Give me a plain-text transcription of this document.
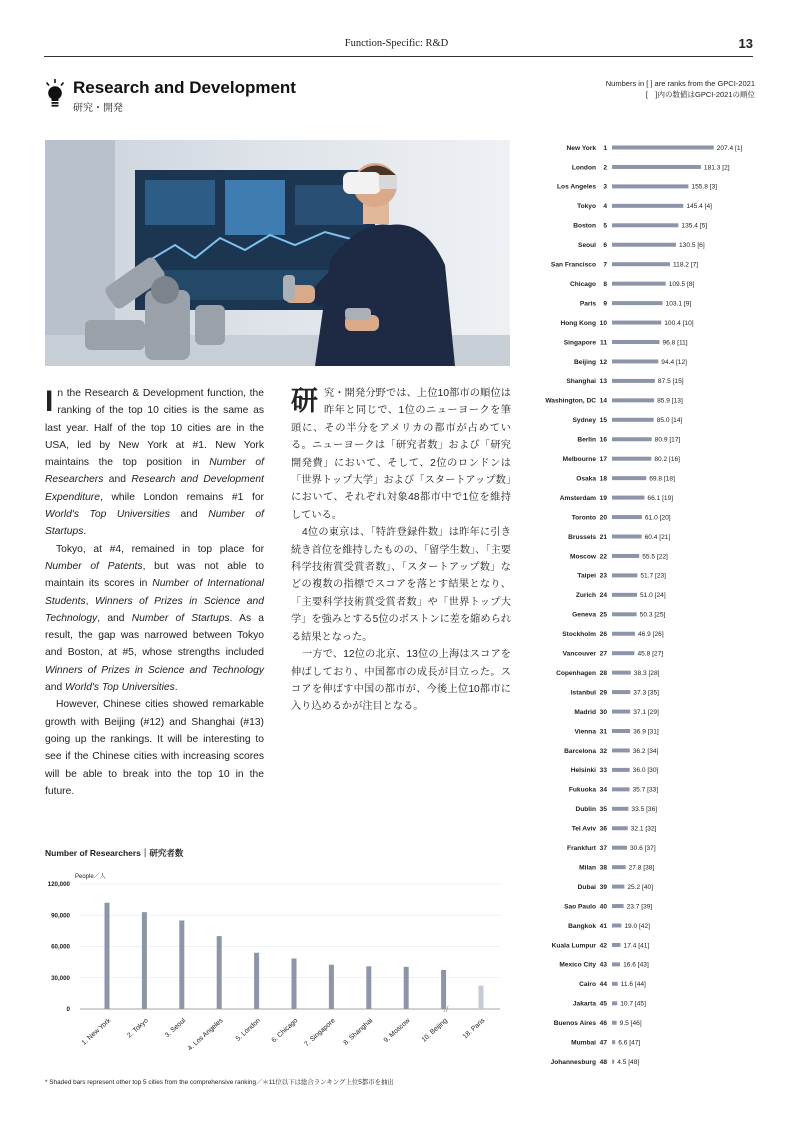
Function-Specific: R&D	13
Research and Development
研究・開発
Numbers in [ ] are ranks from the GPCI-2021
[　]内の数値はGPCI-2021の順位

In the Research & Development function, the ranking of the top 10 cities is the same as last year. Half of the top 10 cities are in the USA, led by New York at #1. New York maintains the top position in Number of Researchers and Research and Development Expenditure, while London remains #1 for World's Top Universities and Number of Startups.

Tokyo, at #4, remained in top place for Number of Patents, but was not able to maintain its scores in Number of International Students, Winners of Prizes in Science and Technology, and Number of Startups. As a result, the gap was narrowed between Tokyo and Boston, at #5, whose strengths included Winners of Prizes in Science and Technology and World's Top Universities.

However, Chinese cities showed remarkable growth with Beijing (#12) and Shanghai (#13) going up the rankings. It will be interesting to see if the Chinese cities with increasing scores will be able to break into the top 10 in the future.

研究・開発分野では、上位10都市の順位は昨年と同じで、1位のニューヨークを筆頭に、その半分をアメリカの都市が占めている。ニューヨークは「研究者数」および「研究開発費」において、そして、2位のロンドンは「世界トップ大学」および「スタートアップ数」において、それぞれ対象48都市中で1位を維持している。

4位の東京は、「特許登録件数」は昨年に引き続き首位を維持したものの、「留学生数」、「主要科学技術賞受賞者数」、「スタートアップ数」などの複数の指標でスコアを落とす結果となり、「主要科学技術賞受賞者数」や「世界トップ大学」を強みとする5位のボストンに差を縮められる結果となった。

一方で、12位の北京、13位の上海はスコアを伸ばしており、中国都市の成長が目立った。スコアを伸ばす中国の都市が、今後上位10都市に入り込めるかが注目となる。

Number of Researchers｜研究者数
People／人
0
30,000
60,000
90,000
120,000
1. New York 2. Tokyo 3. Seoul 4. Los Angeles 5. London 6. Chicago 7. Singapore 8. Shanghai 9. Moscow 10. Beijing 18. Paris
//
New York 1	207.4 [1]
London 2	181.3 [2]
Los Angeles 3	155.8 [3]
Tokyo 4	145.4 [4]
Boston 5	135.4 [5]
Seoul 6	130.5 [6]
San Francisco 7	118.2 [7]
Chicago 8	109.5 [8]
Paris 9	103.1 [9]
Hong Kong 10	100.4 [10]
Singapore 11	96.8 [11]
Beijing 12	94.4 [12]
Shanghai 13	87.5 [15]
Washington, DC 14	85.9 [13]
Sydney 15	85.0 [14]
Berlin 16	80.9 [17]
Melbourne 17	80.2 [16]
Osaka 18	69.8 [18]
Amsterdam 19	66.1 [19]
Toronto 20	61.0 [20]
Brussels 21	60.4 [21]
Moscow 22	55.5 [22]
Taipei 23	51.7 [23]
Zurich 24	51.0 [24]
Geneva 25	50.3 [25]
Stockholm 26	46.9 [26]
Vancouver 27	45.8 [27]
Copenhagen 28	38.3 [28]
Istanbul 29	37.3 [35]
Madrid 30	37.1 [29]
Vienna 31	36.9 [31]
Barcelona 32	36.2 [34]
Helsinki 33	36.0 [30]
Fukuoka 34	35.7 [33]
Dublin 35	33.5 [36]
Tel Aviv 36	32.1 [32]
Frankfurt 37	30.6 [37]
Milan 38	27.8 [38]
Dubai 39	25.2 [40]
Sao Paulo 40	23.7 [39]
Bangkok 41	19.0 [42]
Kuala Lumpur 42	17.4 [41]
Mexico City 43 16.6 [43]
Cairo 44 11.6 [44]
Jakarta 45 10.7 [45]
Buenos Aires 46 9.5 [46]
Mumbai 47 6.6 [47]
Johannesburg 48 4.5 [48]
* Shaded bars represent other top 5 cities from the comprehensive ranking／＊11位以下は総合ランキング上位5都市を抽出
